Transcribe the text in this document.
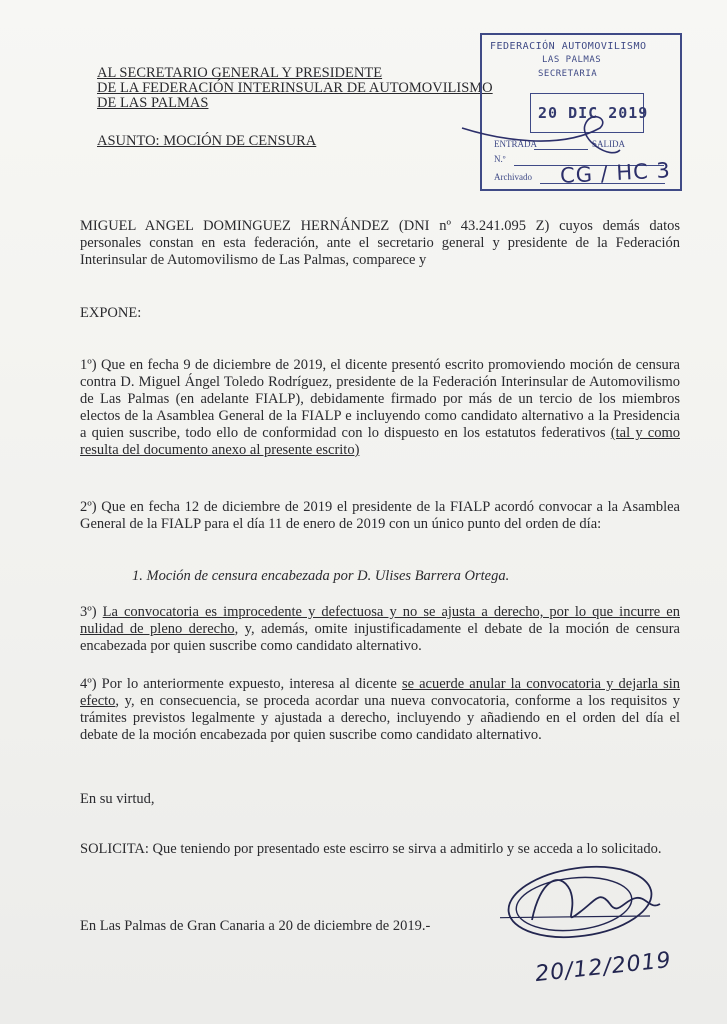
AL SECRETARIO GENERAL Y PRESIDENTE
DE LA FEDERACIÓN INTERINSULAR DE AUTOMOVILISMO
DE LAS PALMAS
ASUNTO: MOCIÓN DE CENSURA
FEDERACIÓN AUTOMOVILISMO
LAS PALMAS
SECRETARIA
20 DIC 2019
ENTRADA	SALIDA
N.º
Archivado CG / HC 3
MIGUEL ANGEL DOMINGUEZ HERNÁNDEZ (DNI nº 43.241.095 Z) cuyos demás datos personales constan en esta federación, ante el secretario general y presidente de la Federación Interinsular de Automovilismo de Las Palmas, comparece y
EXPONE:
1º) Que en fecha 9 de diciembre de 2019, el dicente presentó escrito promoviendo moción de censura contra D. Miguel Ángel Toledo Rodríguez, presidente de la Federación Interinsular de Automovilismo de Las Palmas (en adelante FIALP), debidamente firmado por más de un tercio de los miembros electos de la Asamblea General de la FIALP e incluyendo como candidato alternativo a la Presidencia a quien suscribe, todo ello de conformidad con lo dispuesto en los estatutos federativos (tal y como resulta del documento anexo al presente escrito)
2º) Que en fecha 12 de diciembre de 2019 el presidente de la FIALP acordó convocar a la Asamblea General de la FIALP para el día 11 de enero de 2019 con un único punto del orden de día:
1. Moción de censura encabezada por D. Ulises Barrera Ortega.
3º) La convocatoria es improcedente y defectuosa y no se ajusta a derecho, por lo que incurre en nulidad de pleno derecho, y, además, omite injustificadamente el debate de la moción de censura encabezada por quien suscribe como candidato alternativo.
4º) Por lo anteriormente expuesto, interesa al dicente se acuerde anular la convocatoria y dejarla sin efecto, y, en consecuencia, se proceda acordar una nueva convocatoria, conforme a los requisitos y trámites previstos legalmente y ajustada a derecho, incluyendo y añadiendo en el orden del día el debate de la moción encabezada por quien suscribe como candidato alternativo.
En su virtud,
SOLICITA: Que teniendo por presentado este escirro se sirva a admitirlo y se acceda a lo solicitado.
En Las Palmas de Gran Canaria a 20 de diciembre de 2019.-
20/12/2019
